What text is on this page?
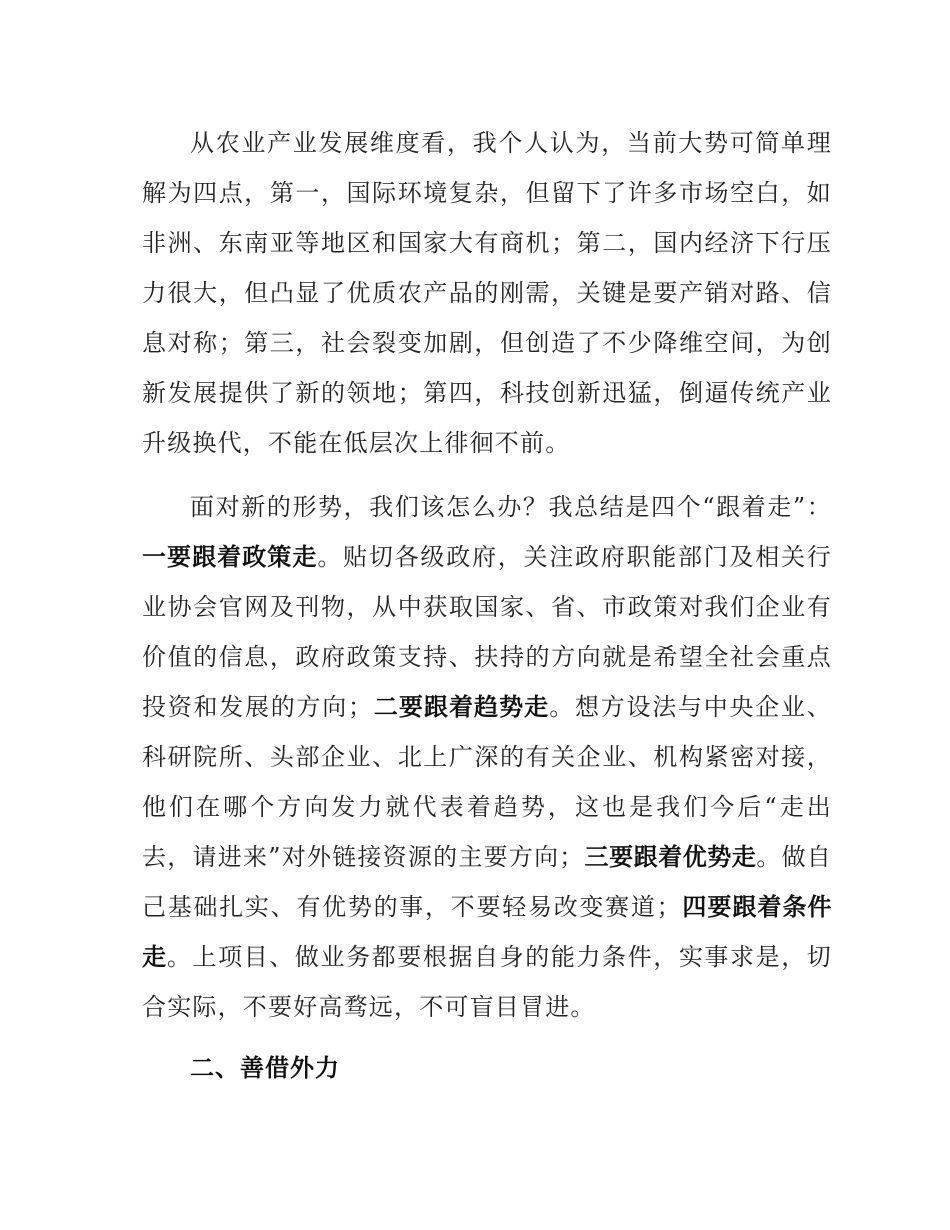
从农业产业发展维度看，我个人认为，当前大势可简单理解为四点，第一，国际环境复杂，但留下了许多市场空白，如非洲、东南亚等地区和国家大有商机；第二，国内经济下行压力很大，但凸显了优质农产品的刚需，关键是要产销对路、信息对称；第三，社会裂变加剧，但创造了不少降维空间，为创新发展提供了新的领地；第四，科技创新迅猛，倒逼传统产业升级换代，不能在低层次上徘徊不前。

面对新的形势，我们该怎么办？我总结是四个“跟着走”：一要跟着政策走。贴切各级政府，关注政府职能部门及相关行业协会官网及刊物，从中获取国家、省、市政策对我们企业有价值的信息，政府政策支持、扶持的方向就是希望全社会重点投资和发展的方向；二要跟着趋势走。想方设法与中央企业、科研院所、头部企业、北上广深的有关企业、机构紧密对接，他们在哪个方向发力就代表着趋势，这也是我们今后“走出去，请进来”对外链接资源的主要方向；三要跟着优势走。做自己基础扎实、有优势的事，不要轻易改变赛道；四要跟着条件走。上项目、做业务都要根据自身的能力条件，实事求是，切合实际，不要好高骛远，不可盲目冒进。

二、善借外力
